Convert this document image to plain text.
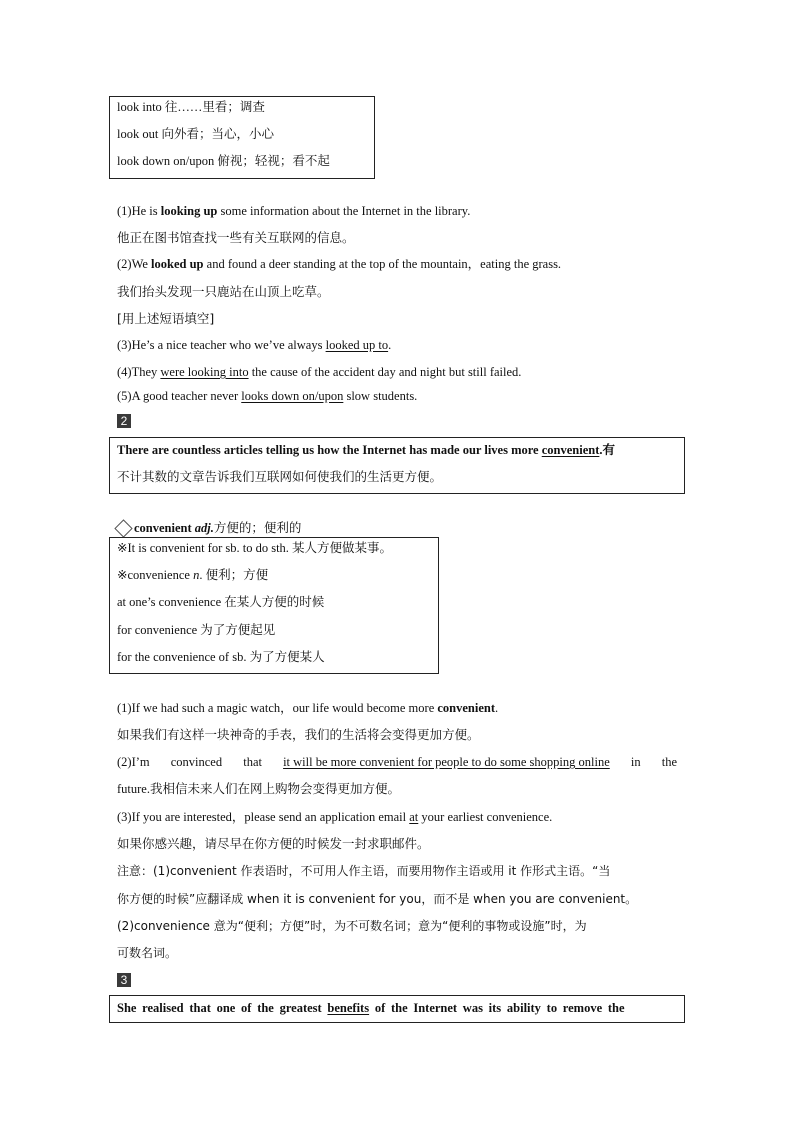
look into 往……里看；调查
look out 向外看；当心，小心
look down on/upon 俯视；轻视；看不起
(1)He is looking up some information about the Internet in the library.
他正在图书馆查找一些有关互联网的信息。
(2)We looked up and found a deer standing at the top of the mountain，eating the grass.
我们抬头发现一只鹿站在山顶上吃草。
[用上述短语填空]
(3)He’s a nice teacher who we’ve always looked up to.
(4)They were looking into the cause of the accident day and night but still failed.
(5)A good teacher never looks down on/upon slow students.
2
There are countless articles telling us how the Internet has made our lives more convenient.有
不计其数的文章告诉我们互联网如何使我们的生活更方便。
convenient adj.方便的；便利的
※It is convenient for sb. to do sth. 某人方便做某事。
※convenience n. 便利；方便
at one’s convenience 在某人方便的时候
for convenience 为了方便起见
for the convenience of sb. 为了方便某人
(1)If we had such a magic watch，our life would become more convenient.
如果我们有这样一块神奇的手表，我们的生活将会变得更加方便。
(2)I’m convinced that it will be more convenient for people to do some shopping online in the
future.我相信未来人们在网上购物会变得更加方便。
(3)If you are interested，please send an application email at your earliest convenience.
如果你感兴趣，请尽早在你方便的时候发一封求职邮件。
注意：(1)convenient 作表语时，不可用人作主语，而要用物作主语或用 it 作形式主语。“当
你方便的时候”应翻译成 when it is convenient for you，而不是 when you are convenient。
(2)convenience 意为“便利；方便”时，为不可数名词；意为“便利的事物或设施”时，为
可数名词。
3
She realised that one of the greatest benefits of the Internet was its ability to remove the
